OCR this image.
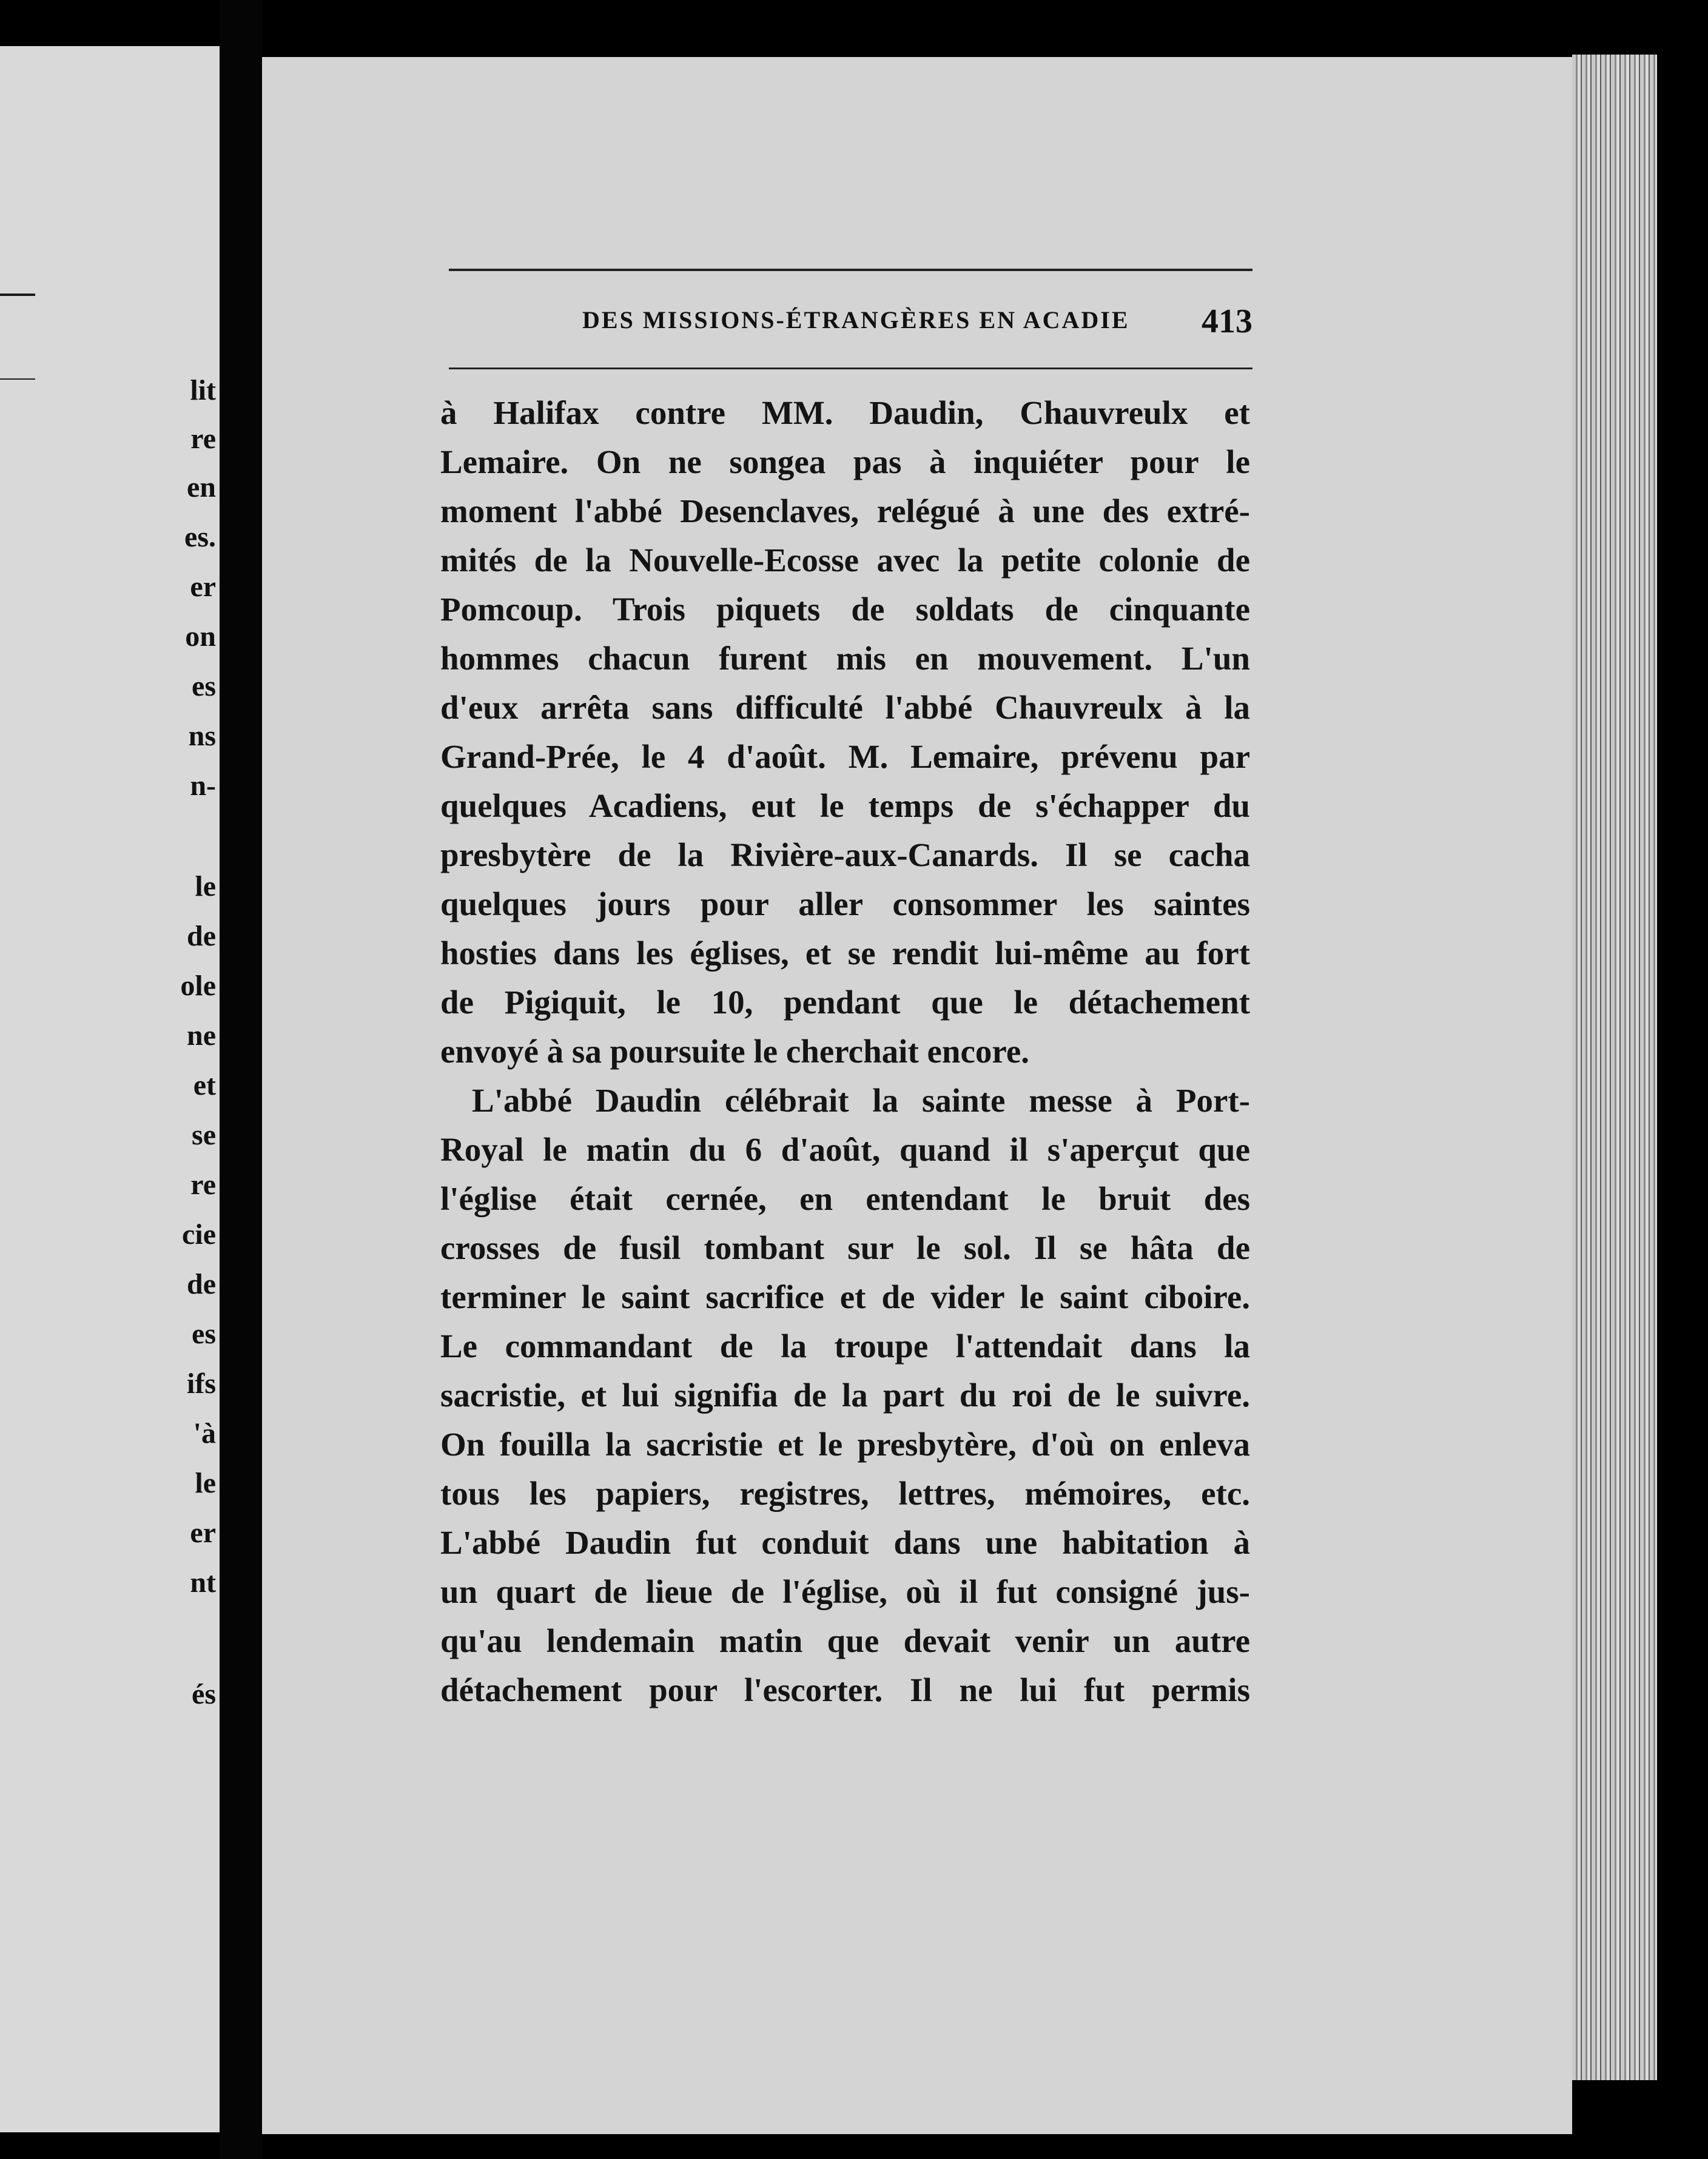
lit
re
en
es.
er
on
es
ns
n-
le
de
ole
ne
et
se
re
cie
de
es
ifs
'à
le
er
nt
és
DES MISSIONS-ÉTRANGÈRES EN ACADIE 413
à Halifax contre MM. Daudin, Chauvreulx et
Lemaire. On ne songea pas à inquiéter pour le
moment l'abbé Desenclaves, relégué à une des extré-
mités de la Nouvelle-Ecosse avec la petite colonie de
Pomcoup. Trois piquets de soldats de cinquante
hommes chacun furent mis en mouvement. L'un
d'eux arrêta sans difficulté l'abbé Chauvreulx à la
Grand-Prée, le 4 d'août. M. Lemaire, prévenu par
quelques Acadiens, eut le temps de s'échapper du
presbytère de la Rivière-aux-Canards. Il se cacha
quelques jours pour aller consommer les saintes
hosties dans les églises, et se rendit lui-même au fort
de Pigiquit, le 10, pendant que le détachement
envoyé à sa poursuite le cherchait encore.
L'abbé Daudin célébrait la sainte messe à Port-
Royal le matin du 6 d'août, quand il s'aperçut que
l'église était cernée, en entendant le bruit des
crosses de fusil tombant sur le sol. Il se hâta de
terminer le saint sacrifice et de vider le saint ciboire.
Le commandant de la troupe l'attendait dans la
sacristie, et lui signifia de la part du roi de le suivre.
On fouilla la sacristie et le presbytère, d'où on enleva
tous les papiers, registres, lettres, mémoires, etc.
L'abbé Daudin fut conduit dans une habitation à
un quart de lieue de l'église, où il fut consigné jus-
qu'au lendemain matin que devait venir un autre
détachement pour l'escorter. Il ne lui fut permis
